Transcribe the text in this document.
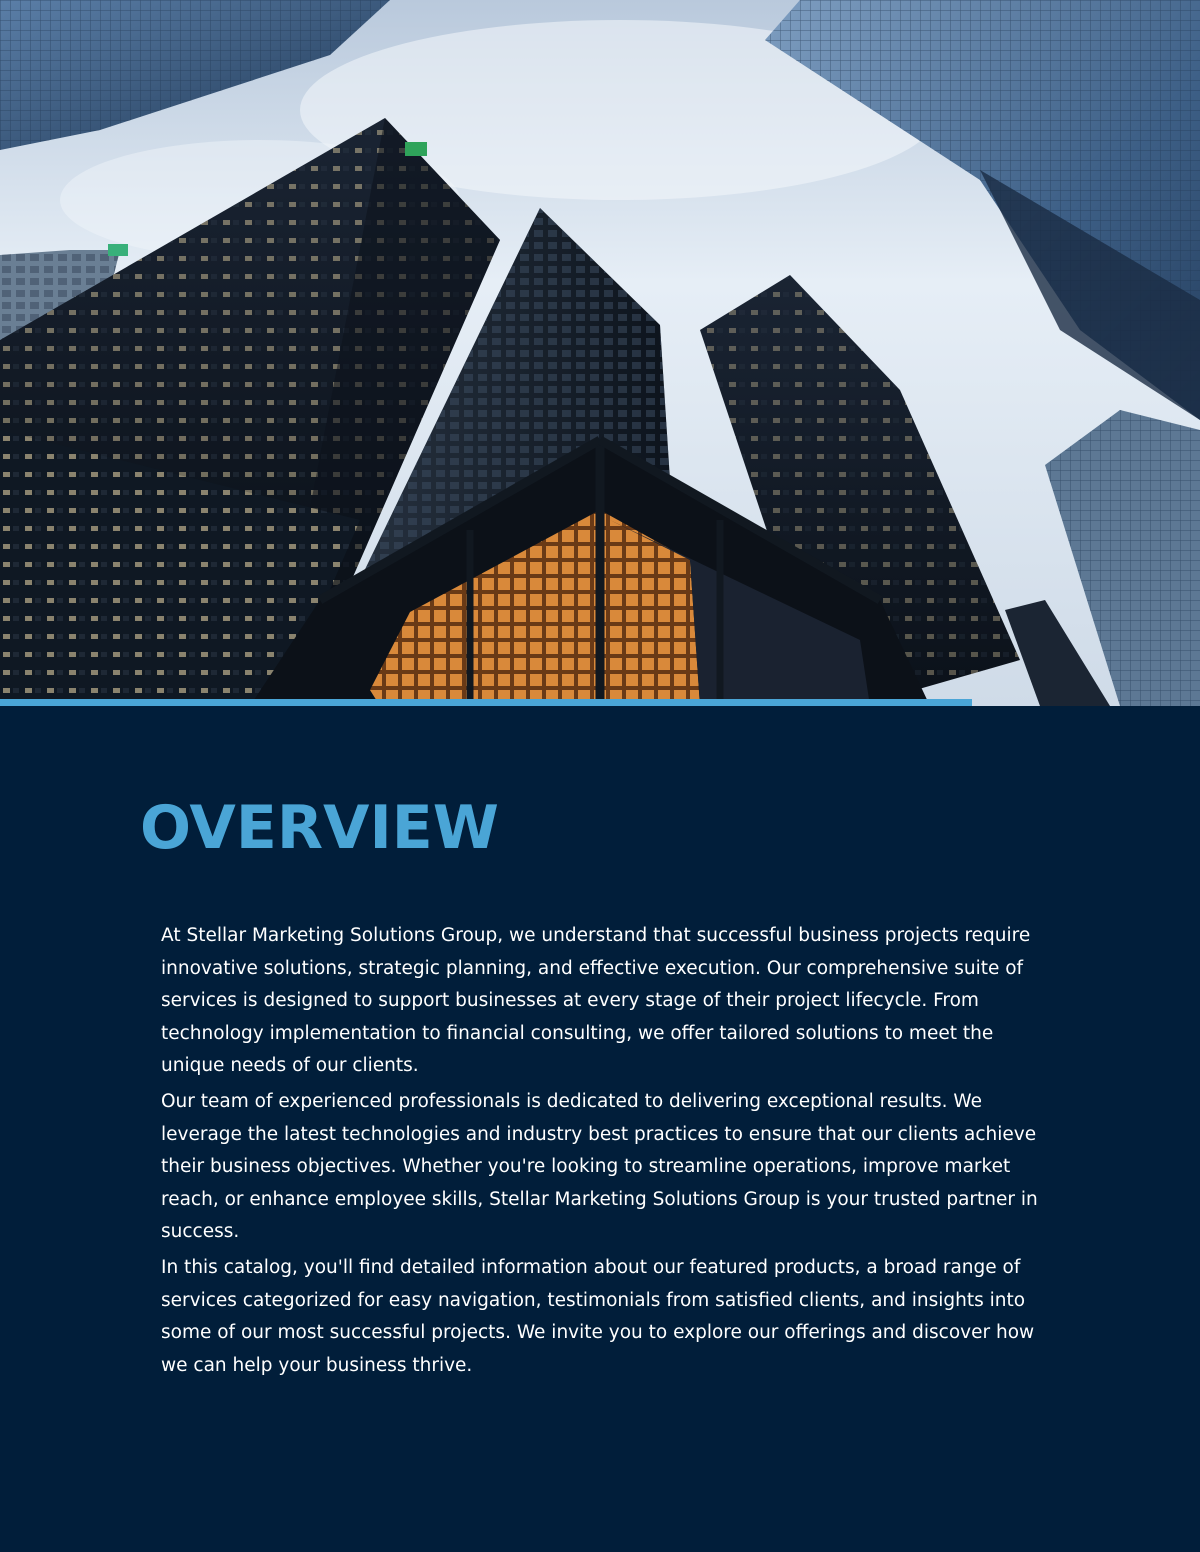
OVERVIEW

At Stellar Marketing Solutions Group, we understand that successful business projects require innovative solutions, strategic planning, and effective execution. Our comprehensive suite of services is designed to support businesses at every stage of their project lifecycle. From technology implementation to financial consulting, we offer tailored solutions to meet the unique needs of our clients.

Our team of experienced professionals is dedicated to delivering exceptional results. We leverage the latest technologies and industry best practices to ensure that our clients achieve their business objectives. Whether you're looking to streamline operations, improve market reach, or enhance employee skills, Stellar Marketing Solutions Group is your trusted partner in success.

In this catalog, you'll find detailed information about our featured products, a broad range of services categorized for easy navigation, testimonials from satisfied clients, and insights into some of our most successful projects. We invite you to explore our offerings and discover how we can help your business thrive.
